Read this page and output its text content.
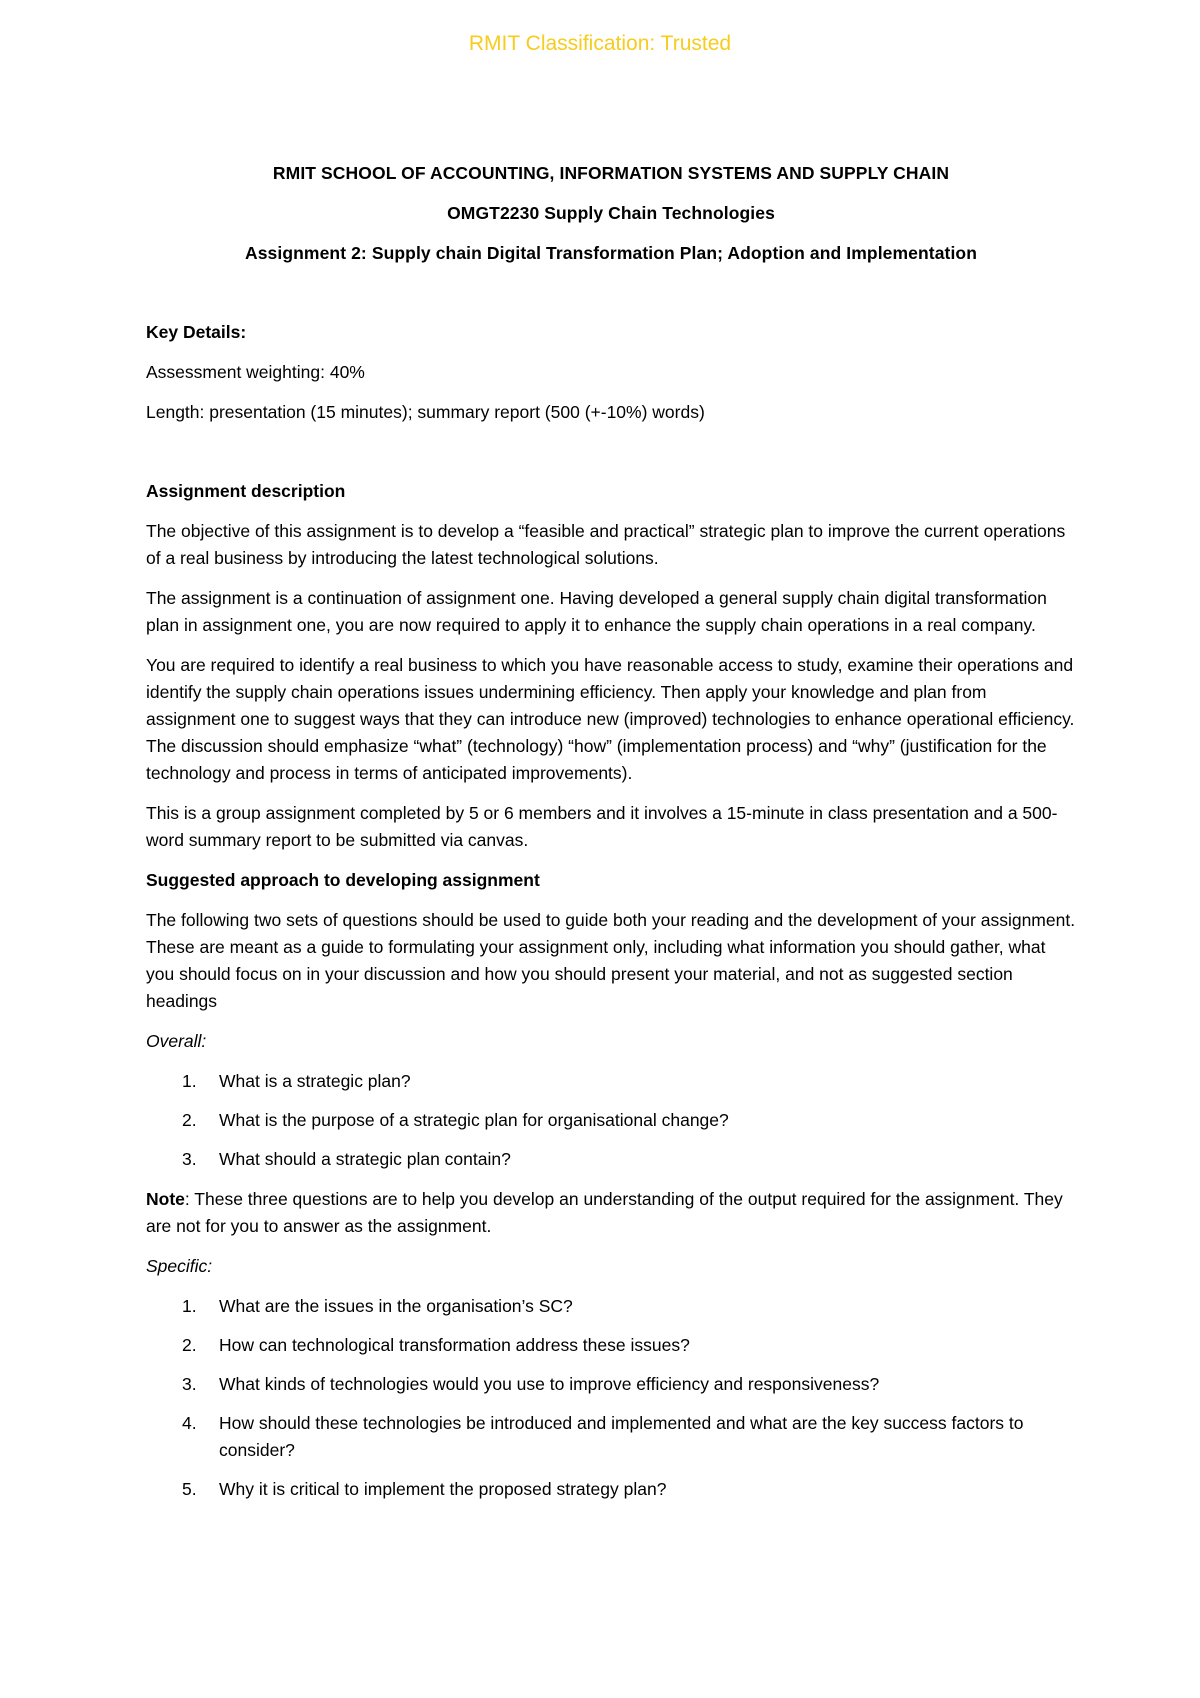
RMIT Classification: Trusted
RMIT SCHOOL OF ACCOUNTING, INFORMATION SYSTEMS AND SUPPLY CHAIN
OMGT2230 Supply Chain Technologies
Assignment 2: Supply chain Digital Transformation Plan; Adoption and Implementation

Key Details:

Assessment weighting: 40%

Length: presentation (15 minutes); summary report (500 (+-10%) words)

Assignment description

The objective of this assignment is to develop a “feasible and practical” strategic plan to improve the current operations of a real business by introducing the latest technological solutions.

The assignment is a continuation of assignment one. Having developed a general supply chain digital transformation plan in assignment one, you are now required to apply it to enhance the supply chain operations in a real company.

You are required to identify a real business to which you have reasonable access to study, examine their operations and identify the supply chain operations issues undermining efficiency. Then apply your knowledge and plan from assignment one to suggest ways that they can introduce new (improved) technologies to enhance operational efficiency. The discussion should emphasize “what” (technology) “how” (implementation process) and “why” (justification for the technology and process in terms of anticipated improvements).

This is a group assignment completed by 5 or 6 members and it involves a 15-minute in class presentation and a 500-word summary report to be submitted via canvas.

Suggested approach to developing assignment

The following two sets of questions should be used to guide both your reading and the development of your assignment. These are meant as a guide to formulating your assignment only, including what information you should gather, what you should focus on in your discussion and how you should present your material, and not as suggested section headings

Overall:

1. What is a strategic plan?
2. What is the purpose of a strategic plan for organisational change?
3. What should a strategic plan contain?

Note: These three questions are to help you develop an understanding of the output required for the assignment. They are not for you to answer as the assignment.

Specific:

1. What are the issues in the organisation’s SC?
2. How can technological transformation address these issues?
3. What kinds of technologies would you use to improve efficiency and responsiveness?
4. How should these technologies be introduced and implemented and what are the key success factors to consider?
5. Why it is critical to implement the proposed strategy plan?
